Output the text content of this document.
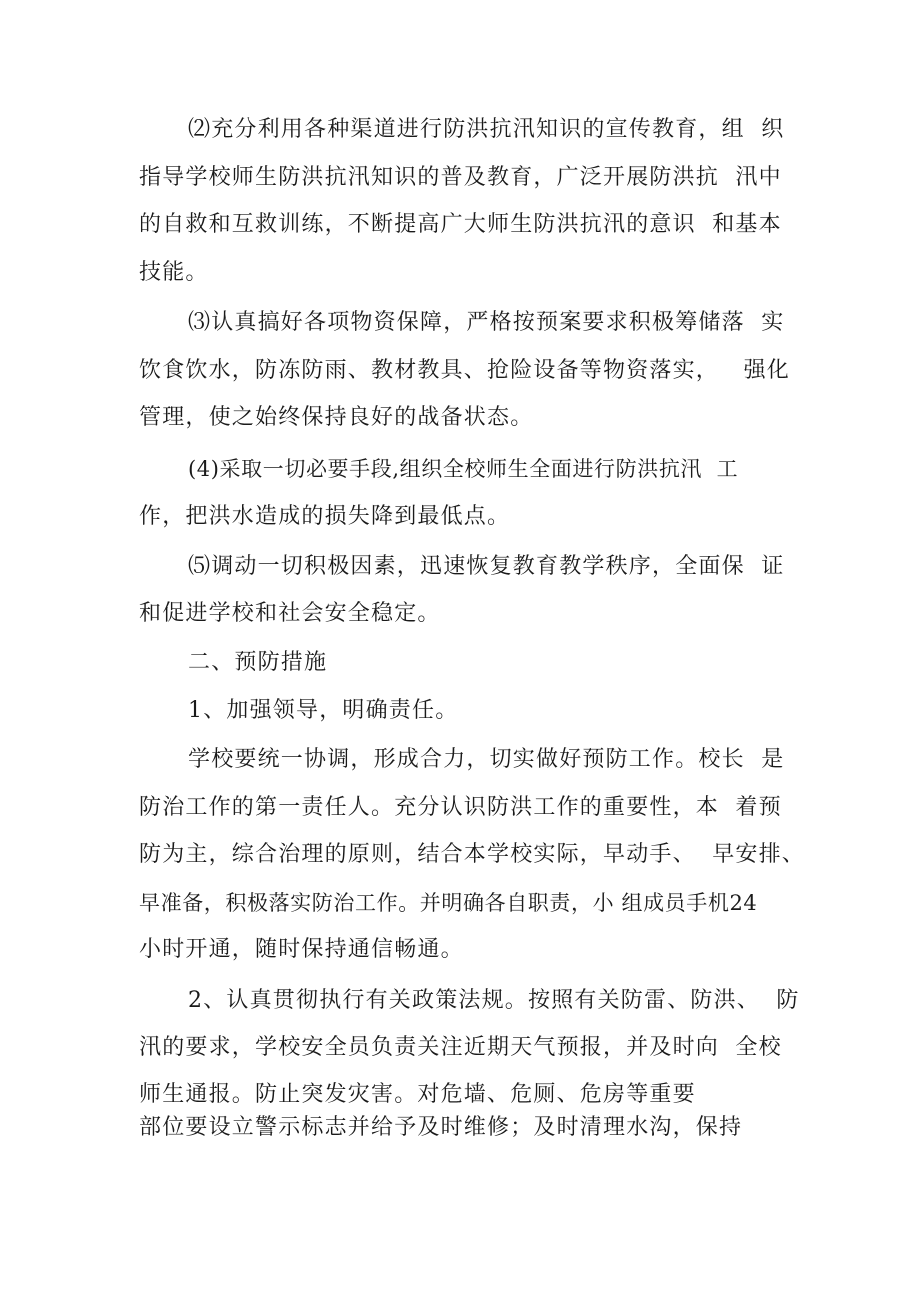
⑵充分利用各种渠道进行防洪抗汛知识的宣传教育，组  织
指导学校师生防洪抗汛知识的普及教育，广泛开展防洪抗  汛中
的自救和互救训练，不断提高广大师生防洪抗汛的意识  和基本
技能。
⑶认真搞好各项物资保障，严格按预案要求积极筹储落  实
饮食饮水，防冻防雨、教材教具、抢险设备等物资落实，   强化
管理，使之始终保持良好的战备状态。
(4)采取一切必要手段,组织全校师生全面进行防洪抗汛  工
作，把洪水造成的损失降到最低点。
⑸调动一切积极因素，迅速恢复教育教学秩序，全面保  证
和促进学校和社会安全稳定。
二、预防措施
1、加强领导，明确责任。
学校要统一协调，形成合力，切实做好预防工作。校长  是
防治工作的第一责任人。充分认识防洪工作的重要性，本  着预
防为主，综合治理的原则，结合本学校实际，早动手、  早安排、
早准备，积极落实防治工作。并明确各自职责，小 组成员手机24
小时开通，随时保持通信畅通。
2、认真贯彻执行有关政策法规。按照有关防雷、防洪、  防
汛的要求，学校安全员负责关注近期天气预报，并及时向  全校
师生通报。防止突发灾害。对危墙、危厕、危房等重要
部位要设立警示标志并给予及时维修；及时清理水沟，保持
